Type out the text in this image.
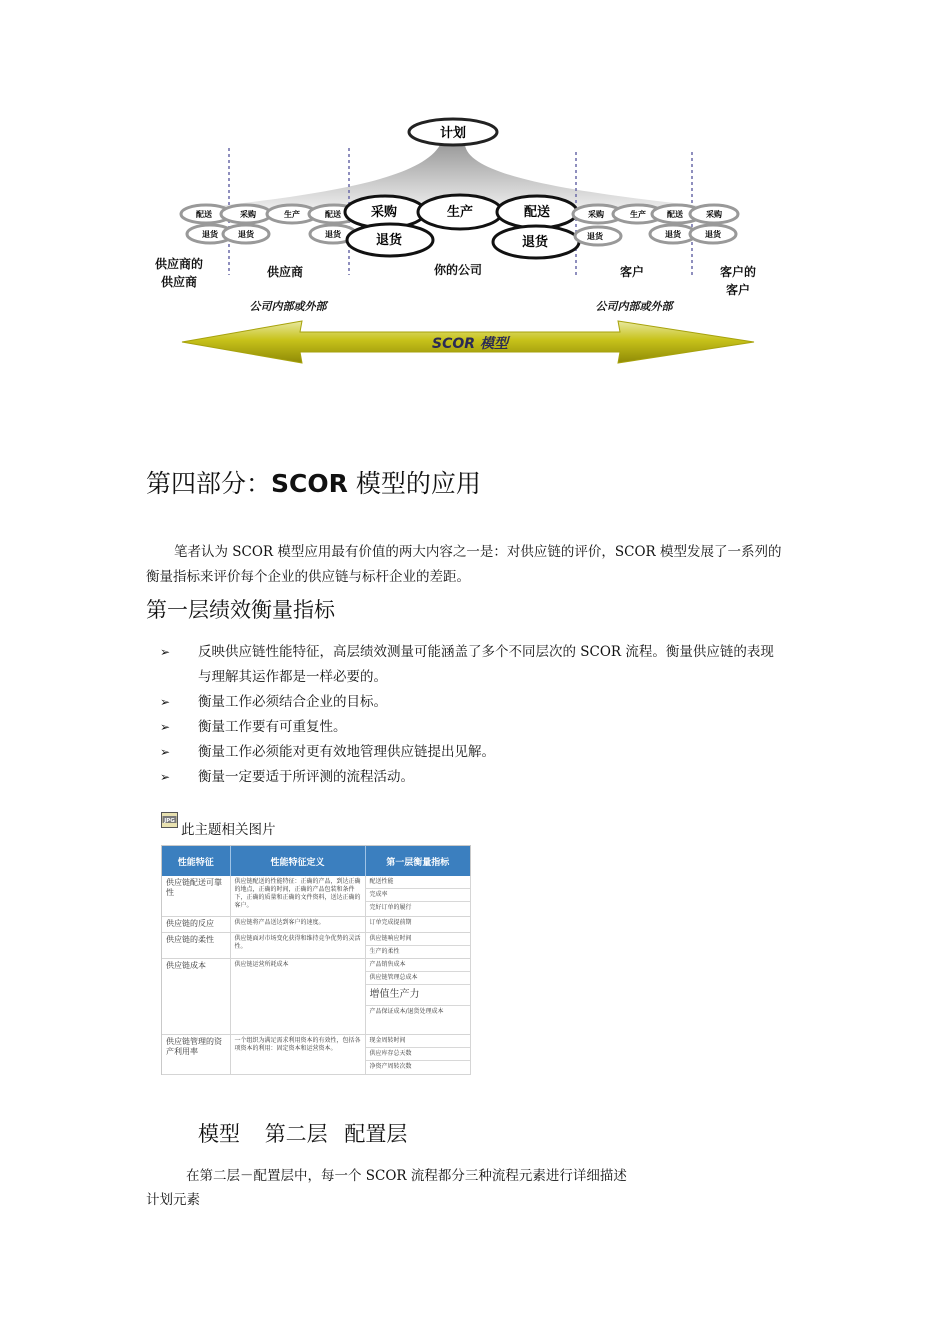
计划
配送	采购	生产	配送
退货	退货	退货
采购	生产	配送
退货	退货
采购	生产	配送	采购
退货	退货	退货
供应商的
供应商
供应商	你的公司	客户	客户的
客户
公司内部或外部	公司内部或外部
SCOR 模型
第四部分：SCOR 模型的应用
笔者认为 SCOR 模型应用最有价值的两大内容之一是：对供应链的评价，SCOR 模型发展了一系列的
衡量指标来评价每个企业的供应链与标杆企业的差距。
第一层绩效衡量指标
➢ 反映供应链性能特征，高层绩效测量可能涵盖了多个不同层次的 SCOR 流程。衡量供应链的表现
与理解其运作都是一样必要的。
➢ 衡量工作必须结合企业的目标。
➢ 衡量工作要有可重复性。
➢ 衡量工作必须能对更有效地管理供应链提出见解。
➢ 衡量一定要适于所评测的流程活动。
JPG
此主题相关图片
性能特征	性能特征定义	第一层衡量指标
供应链配送可靠性	供应链配送的性能特征：正确的产品，到达正确的地点，正确的时间，正确的产品包装和条件下，正确的质量和正确的文件资料，送达正确的客户。	配送性能
完成率
完好订单的履行

供应链的反应	供应链将产品送达到客户的速度。	订单完成提前期

供应链的柔性	供应链面对市场变化获得和维持竞争优势的灵活性。	供应链响应时间
生产的柔性

供应链成本	供应链运营所耗成本	产品销售成本
供应链管理总成本
增值生产力
产品保证成本/退货处理成本

供应链管理的资产利用率	一个组织为满足需求利用资本的有效性，包括各项资本的利用：固定资本和运营资本。	现金周转时间
供应库存总天数
净资产周转次数
模型 第二层 配置层
在第二层－配置层中，每一个 SCOR 流程都分三种流程元素进行详细描述
计划元素
